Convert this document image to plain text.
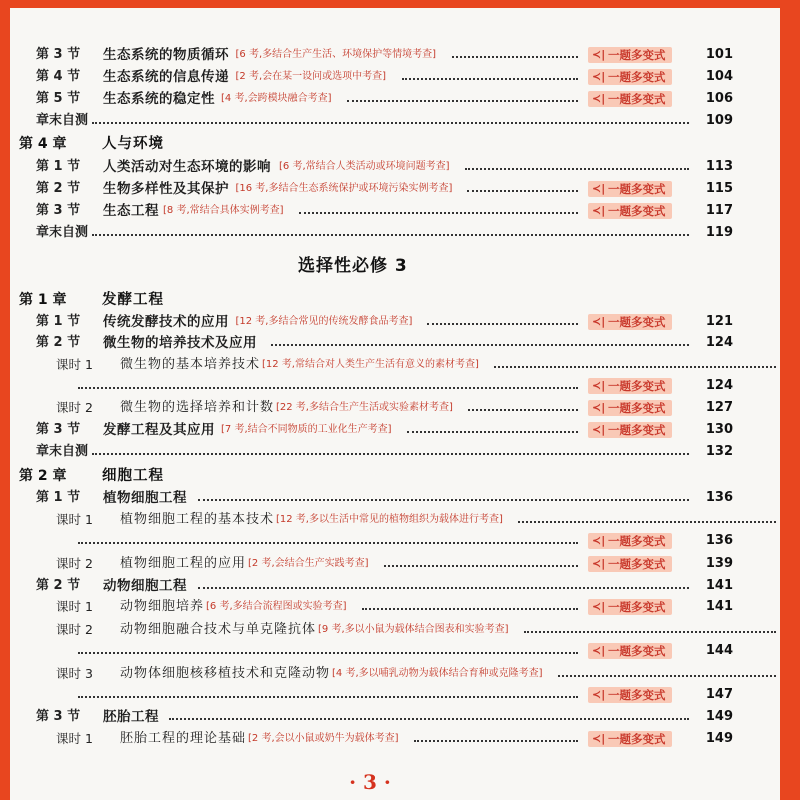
第 3 节 生态系统的物质循环 [6 考,多结合生产生活、环境保护等情境考查]	≺| 一题多变式	101
第 4 节 生态系统的信息传递 [2 考,会在某一设问或选项中考查]	≺| 一题多变式	104
第 5 节 生态系统的稳定性 [4 考,会跨模块融合考查]	≺| 一题多变式	106
章末自测	109
第 4 章 人与环境
第 1 节 人类活动对生态环境的影响 [6 考,常结合人类活动或环境问题考查]	113
第 2 节 生物多样性及其保护 [16 考,多结合生态系统保护或环境污染实例考查]	≺| 一题多变式	115
第 3 节 生态工程 [8 考,常结合具体实例考查]	≺| 一题多变式	117
章末自测	119
选择性必修 3
第 1 章 发酵工程
第 1 节 传统发酵技术的应用 [12 考,多结合常见的传统发酵食品考查]	≺| 一题多变式	121
第 2 节 微生物的培养技术及应用	124
课时 1 微生物的基本培养技术 [12 考,常结合对人类生产生活有意义的素材考查]
≺| 一题多变式	124
课时 2 微生物的选择培养和计数 [22 考,多结合生产生活或实验素材考查]	≺| 一题多变式	127
第 3 节 发酵工程及其应用 [7 考,结合不同物质的工业化生产考查]	≺| 一题多变式	130
章末自测	132
第 2 章 细胞工程
第 1 节 植物细胞工程	136
课时 1 植物细胞工程的基本技术 [12 考,多以生活中常见的植物组织为载体进行考查]
≺| 一题多变式	136
课时 2 植物细胞工程的应用 [2 考,会结合生产实践考查]	≺| 一题多变式	139
第 2 节 动物细胞工程	141
课时 1 动物细胞培养 [6 考,多结合流程图或实验考查]	≺| 一题多变式	141
课时 2 动物细胞融合技术与单克隆抗体 [9 考,多以小鼠为载体结合图表和实验考查]
≺| 一题多变式	144
课时 3 动物体细胞核移植技术和克隆动物 [4 考,多以哺乳动物为载体结合育种或克隆考查]
≺| 一题多变式	147
第 3 节 胚胎工程	149
课时 1 胚胎工程的理论基础 [2 考,会以小鼠或奶牛为载体考查]	≺| 一题多变式	149
· 3 ·
